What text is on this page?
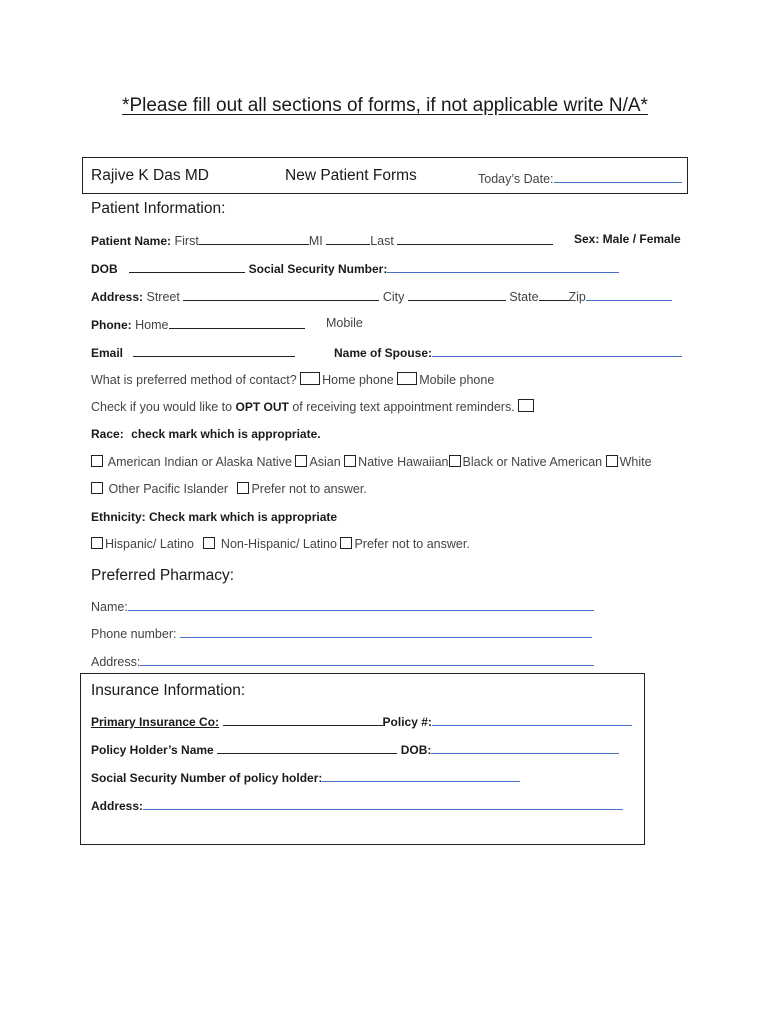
*Please fill out all sections of forms, if not applicable write N/A*
Rajive K Das MD	New Patient Forms	Today’s Date:
Patient Information:
Patient Name: First	MI	Last	Sex: Male / Female
DOB	Social Security Number:
Address: Street	City	State Zip
Phone: Home	Mobile
Email	Name of Spouse:
What is preferred method of contact? Home phone Mobile phone
Check if you would like to OPT OUT of receiving text appointment reminders.
Race: check mark which is appropriate.
American Indian or Alaska Native Asian Native Hawaiian Black or Native American White
Other Pacific Islander Prefer not to answer.
Ethnicity: Check mark which is appropriate
Hispanic/ Latino Non-Hispanic/ Latino Prefer not to answer.
Preferred Pharmacy:
Name:
Phone number:
Address:
Insurance Information:
Primary Insurance Co:	Policy #:
Policy Holder’s Name	DOB:
Social Security Number of policy holder:
Address:
